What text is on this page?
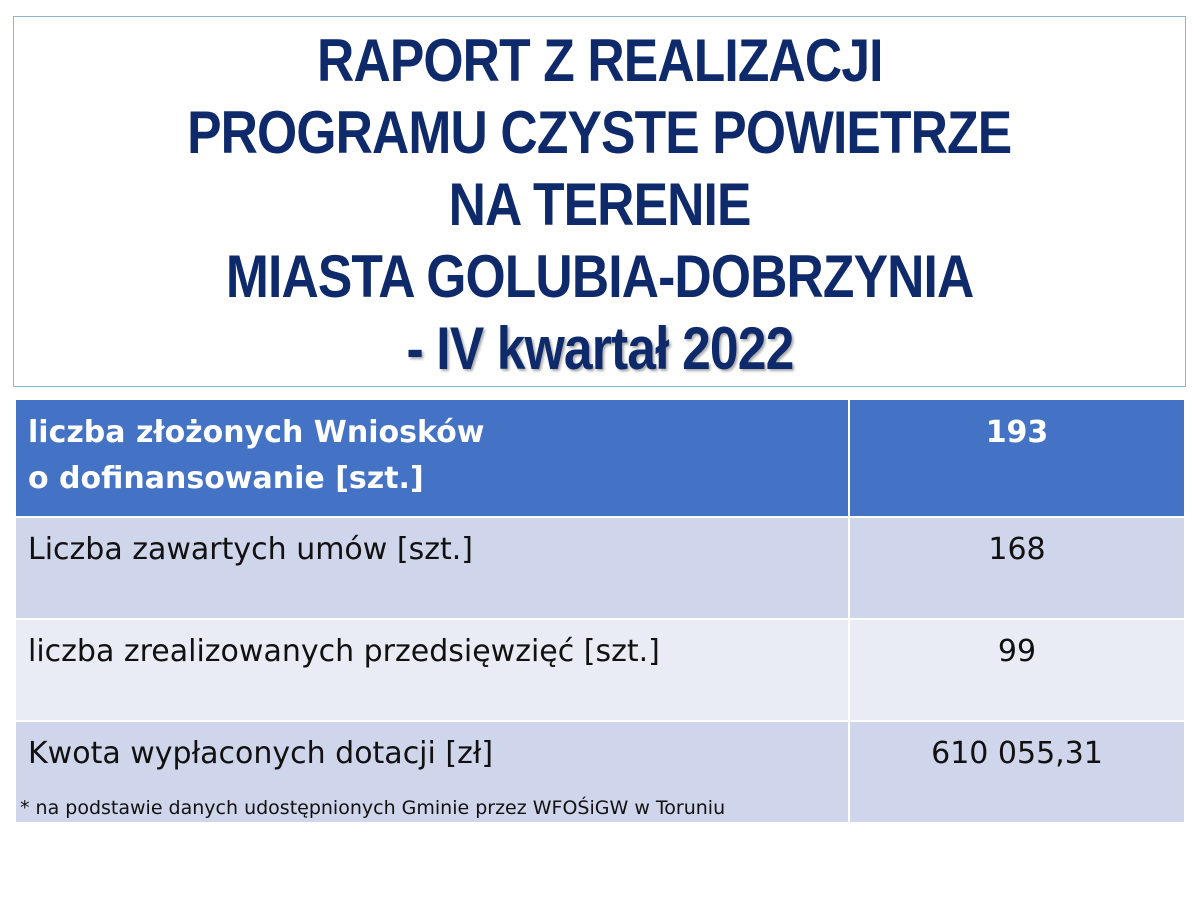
RAPORT Z REALIZACJI
PROGRAMU CZYSTE POWIETRZE
NA TERENIE
MIASTA GOLUBIA-DOBRZYNIA
- IV kwartał 2022
liczba złożonych Wniosków
o dofinansowanie [szt.]	193

Liczba zawartych umów [szt.]	168

liczba zrealizowanych przedsięwzięć [szt.]	99

Kwota wypłaconych dotacji [zł]	610 055,31
* na podstawie danych udostępnionych Gminie przez WFOŚiGW w Toruniu
